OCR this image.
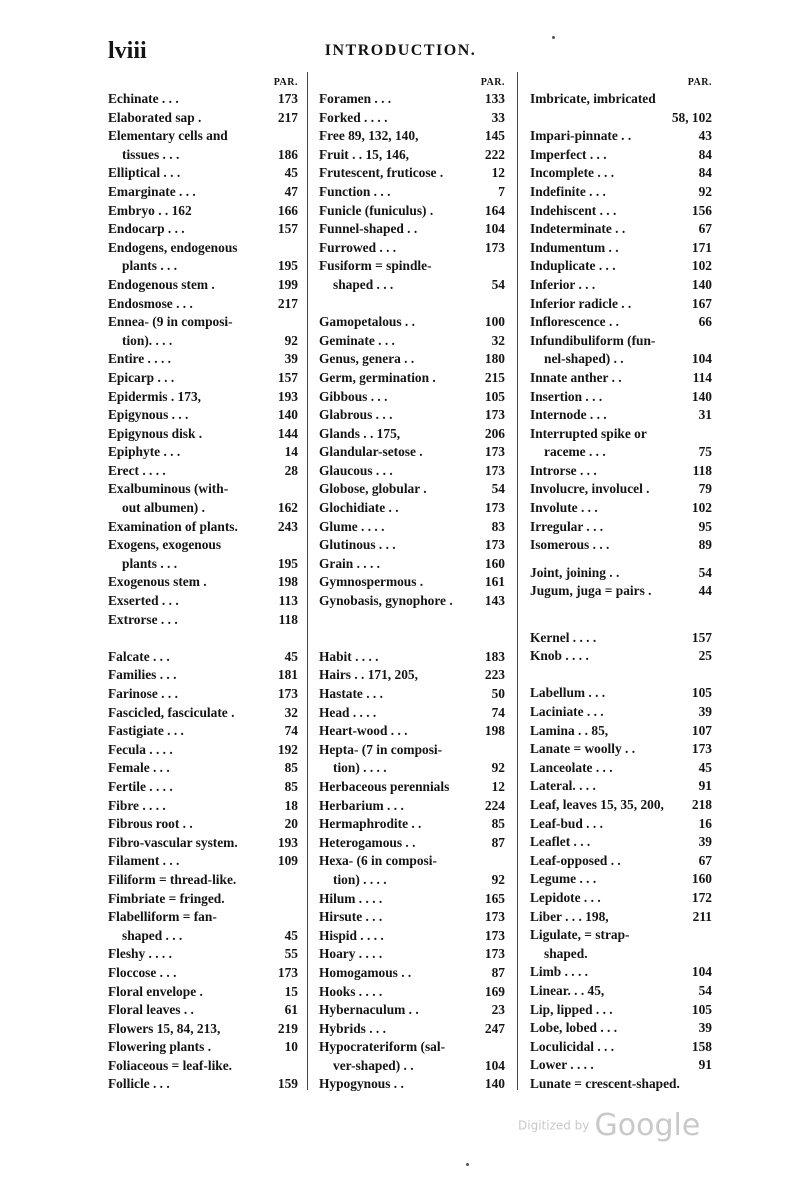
lviii	INTRODUCTION.
PAR.
Echinate . . .	173
Elaborated sap .	217
Elementary cells and
tissues . . .	186
Elliptical . . .	45
Emarginate . . .	47
Embryo . . 162	166
Endocarp . . .	157
Endogens, endogenous
plants . . .	195
Endogenous stem .	199
Endosmose . . .	217
Ennea- (9 in composi-
tion). . . .	92
Entire . . . .	39
Epicarp . . .	157
Epidermis . 173,	193
Epigynous . . .	140
Epigynous disk .	144
Epiphyte . . .	14
Erect . . . .	28
Exalbuminous (with-
out albumen) .	162
Examination of plants.	243
Exogens, exogenous
plants . . .	195
Exogenous stem .	198
Exserted . . .	113
Extrorse . . .	118
Falcate . . .	45
Families . . .	181
Farinose . . .	173
Fascicled, fasciculate .	32
Fastigiate . . .	74
Fecula . . . .	192
Female . . .	85
Fertile . . . .	85
Fibre . . . .	18
Fibrous root . .	20
Fibro-vascular system.	193
Filament . . .	109
Filiform = thread-like.
Fimbriate = fringed.
Flabelliform = fan-
shaped . . .	45
Fleshy . . . .	55
Floccose . . .	173
Floral envelope .	15
Floral leaves . .	61
Flowers 15, 84, 213,	219
Flowering plants .	10
Foliaceous = leaf-like.
Follicle . . .	159
PAR.
Foramen . . .	133
Forked . . . .	33
Free 89, 132, 140,	145
Fruit . . 15, 146,	222
Frutescent, fruticose .	12
Function . . .	7
Funicle (funiculus) .	164
Funnel-shaped . .	104
Furrowed . . .	173
Fusiform = spindle-
shaped . . .	54
Gamopetalous . .	100
Geminate . . .	32
Genus, genera . .	180
Germ, germination .	215
Gibbous . . .	105
Glabrous . . .	173
Glands . . 175,	206
Glandular-setose .	173
Glaucous . . .	173
Globose, globular .	54
Glochidiate . .	173
Glume . . . .	83
Glutinous . . .	173
Grain . . . .	160
Gymnospermous .	161
Gynobasis, gynophore .	143
Habit . . . .	183
Hairs . . 171, 205,	223
Hastate . . .	50
Head . . . .	74
Heart-wood . . .	198
Hepta- (7 in composi-
tion) . . . .	92
Herbaceous perennials	12
Herbarium . . .	224
Hermaphrodite . .	85
Heterogamous . .	87
Hexa- (6 in composi-
tion) . . . .	92
Hilum . . . .	165
Hirsute . . .	173
Hispid . . . .	173
Hoary . . . .	173
Homogamous . .	87
Hooks . . . .	169
Hybernaculum . .	23
Hybrids . . .	247
Hypocrateriform (sal-
ver-shaped) . .	104
Hypogynous . .	140
PAR.
Imbricate, imbricated
58, 102
Impari-pinnate . .	43
Imperfect . . .	84
Incomplete . . .	84
Indefinite . . .	92
Indehiscent . . .	156
Indeterminate . .	67
Indumentum . .	171
Induplicate . . .	102
Inferior . . .	140
Inferior radicle . .	167
Inflorescence . .	66
Infundibuliform (fun-
nel-shaped) . .	104
Innate anther . .	114
Insertion . . .	140
Internode . . .	31
Interrupted spike or
raceme . . .	75
Introrse . . .	118
Involucre, involucel .	79
Involute . . .	102
Irregular . . .	95
Isomerous . . .	89
Joint, joining . .	54
Jugum, juga = pairs .	44
Kernel . . . .	157
Knob . . . .	25
Labellum . . .	105
Laciniate . . .	39
Lamina . . 85,	107
Lanate = woolly . .	173
Lanceolate . . .	45
Lateral. . . .	91
Leaf, leaves 15, 35, 200,	218
Leaf-bud . . .	16
Leaflet . . .	39
Leaf-opposed . .	67
Legume . . .	160
Lepidote . . .	172
Liber . . . 198,	211
Ligulate, = strap-
shaped.
Limb . . . .	104
Linear. . . 45,	54
Lip, lipped . . .	105
Lobe, lobed . . .	39
Loculicidal . . .	158
Lower . . . .	91
Lunate = crescent-shaped.
Digitized by Google
